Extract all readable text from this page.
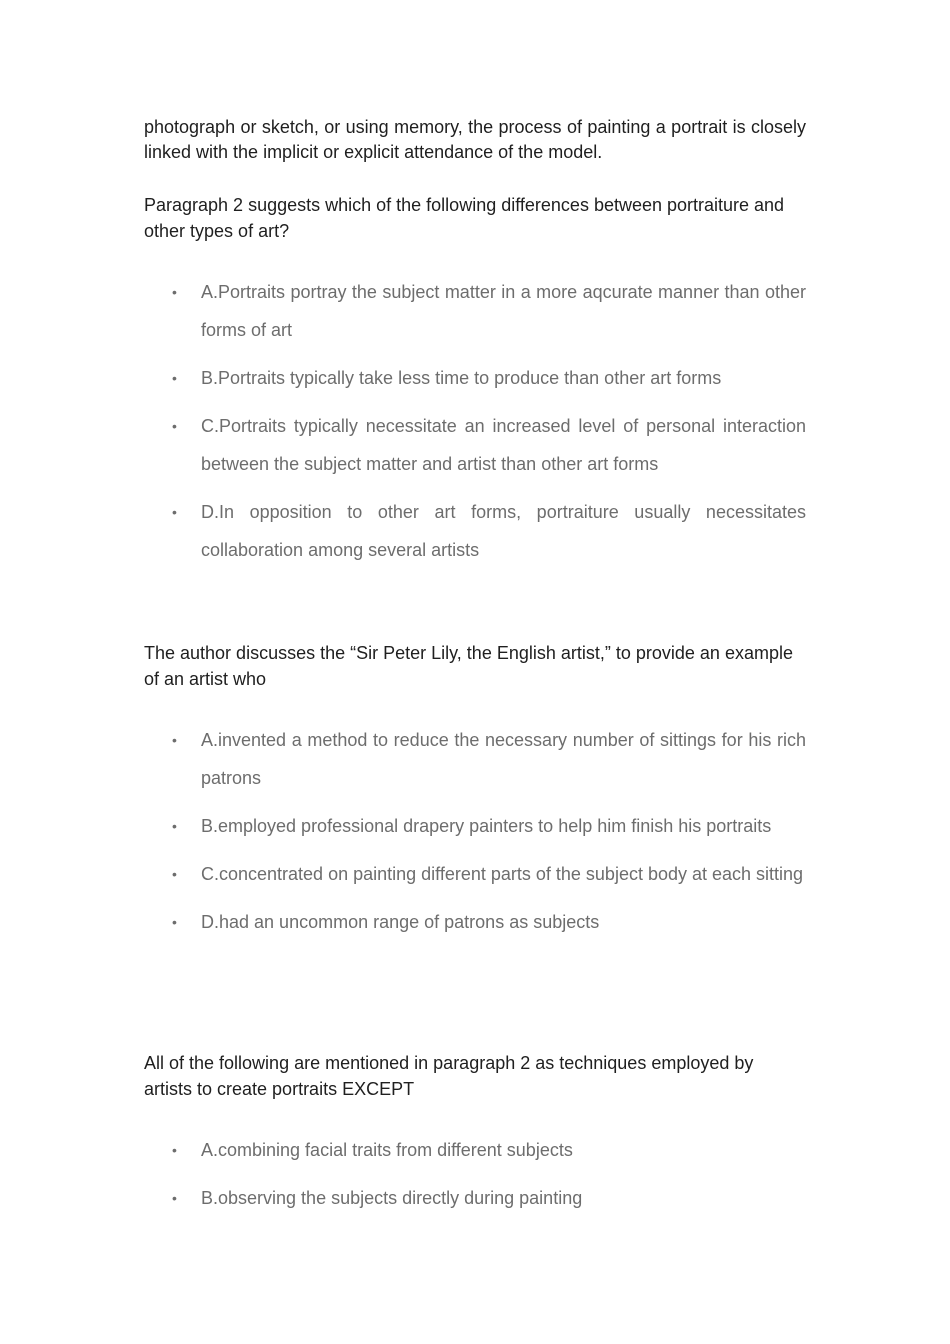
photograph or sketch, or using memory, the process of painting a portrait is closely linked with the implicit or explicit attendance of the model.

Paragraph 2 suggests which of the following differences between portraiture and other types of art?
• A.Portraits portray the subject matter in a more aqcurate manner than other forms of art
• B.Portraits typically take less time to produce than other art forms
• C.Portraits typically necessitate an increased level of personal interaction between the subject matter and artist than other art forms
• D.In opposition to other art forms, portraiture usually necessitates collaboration among several artists
The author discusses the “Sir Peter Lily, the English artist,” to provide an example of an artist who
• A.invented a method to reduce the necessary number of sittings for his rich patrons
• B.employed professional drapery painters to help him finish his portraits
• C.concentrated on painting different parts of the subject body at each sitting
• D.had an uncommon range of patrons as subjects
All of the following are mentioned in paragraph 2 as techniques employed by artists to create portraits EXCEPT
• A.combining facial traits from different subjects
• B.observing the subjects directly during painting
